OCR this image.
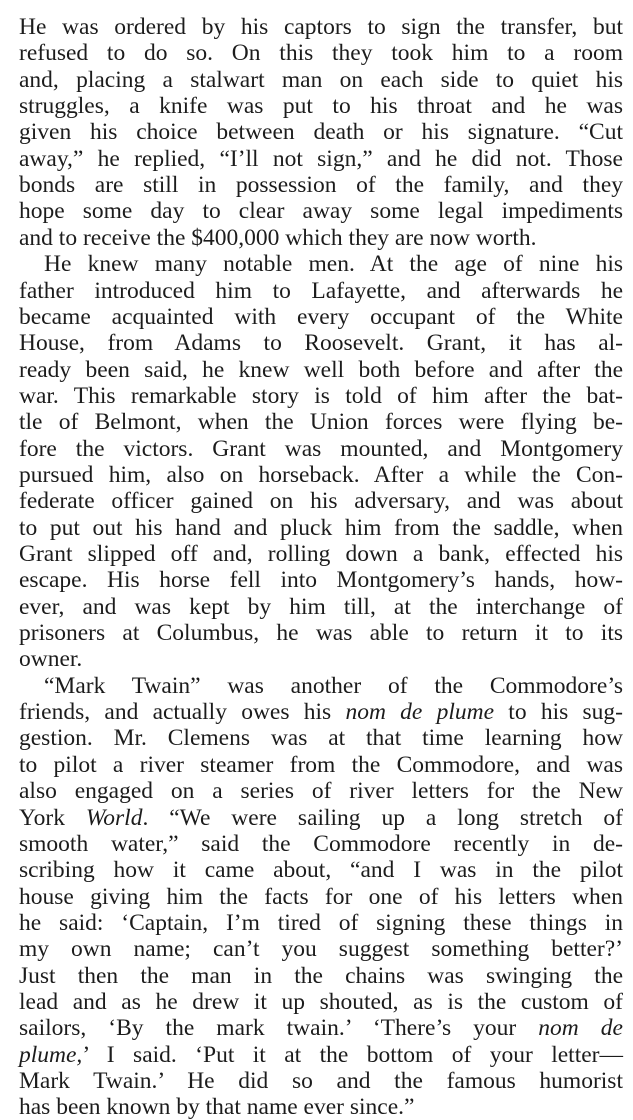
He was ordered by his captors to sign the transfer, but
refused to do so. On this they took him to a room
and, placing a stalwart man on each side to quiet his
struggles, a knife was put to his throat and he was
given his choice between death or his signature. “Cut
away,” he replied, “I’ll not sign,” and he did not. Those
bonds are still in possession of the family, and they
hope some day to clear away some legal impediments
and to receive the $400,000 which they are now worth.
He knew many notable men. At the age of nine his
father introduced him to Lafayette, and afterwards he
became acquainted with every occupant of the White
House, from Adams to Roosevelt. Grant, it has al-
ready been said, he knew well both before and after the
war. This remarkable story is told of him after the bat-
tle of Belmont, when the Union forces were flying be-
fore the victors. Grant was mounted, and Montgomery
pursued him, also on horseback. After a while the Con-
federate officer gained on his adversary, and was about
to put out his hand and pluck him from the saddle, when
Grant slipped off and, rolling down a bank, effected his
escape. His horse fell into Montgomery’s hands, how-
ever, and was kept by him till, at the interchange of
prisoners at Columbus, he was able to return it to its
owner.
“Mark Twain” was another of the Commodore’s
friends, and actually owes his nom de plume to his sug-
gestion. Mr. Clemens was at that time learning how
to pilot a river steamer from the Commodore, and was
also engaged on a series of river letters for the New
York World. “We were sailing up a long stretch of
smooth water,” said the Commodore recently in de-
scribing how it came about, “and I was in the pilot
house giving him the facts for one of his letters when
he said: ‘Captain, I’m tired of signing these things in
my own name; can’t you suggest something better?’
Just then the man in the chains was swinging the
lead and as he drew it up shouted, as is the custom of
sailors, ‘By the mark twain.’ ‘There’s your nom de
plume,’ I said. ‘Put it at the bottom of your letter—
Mark Twain.’ He did so and the famous humorist
has been known by that name ever since.”
